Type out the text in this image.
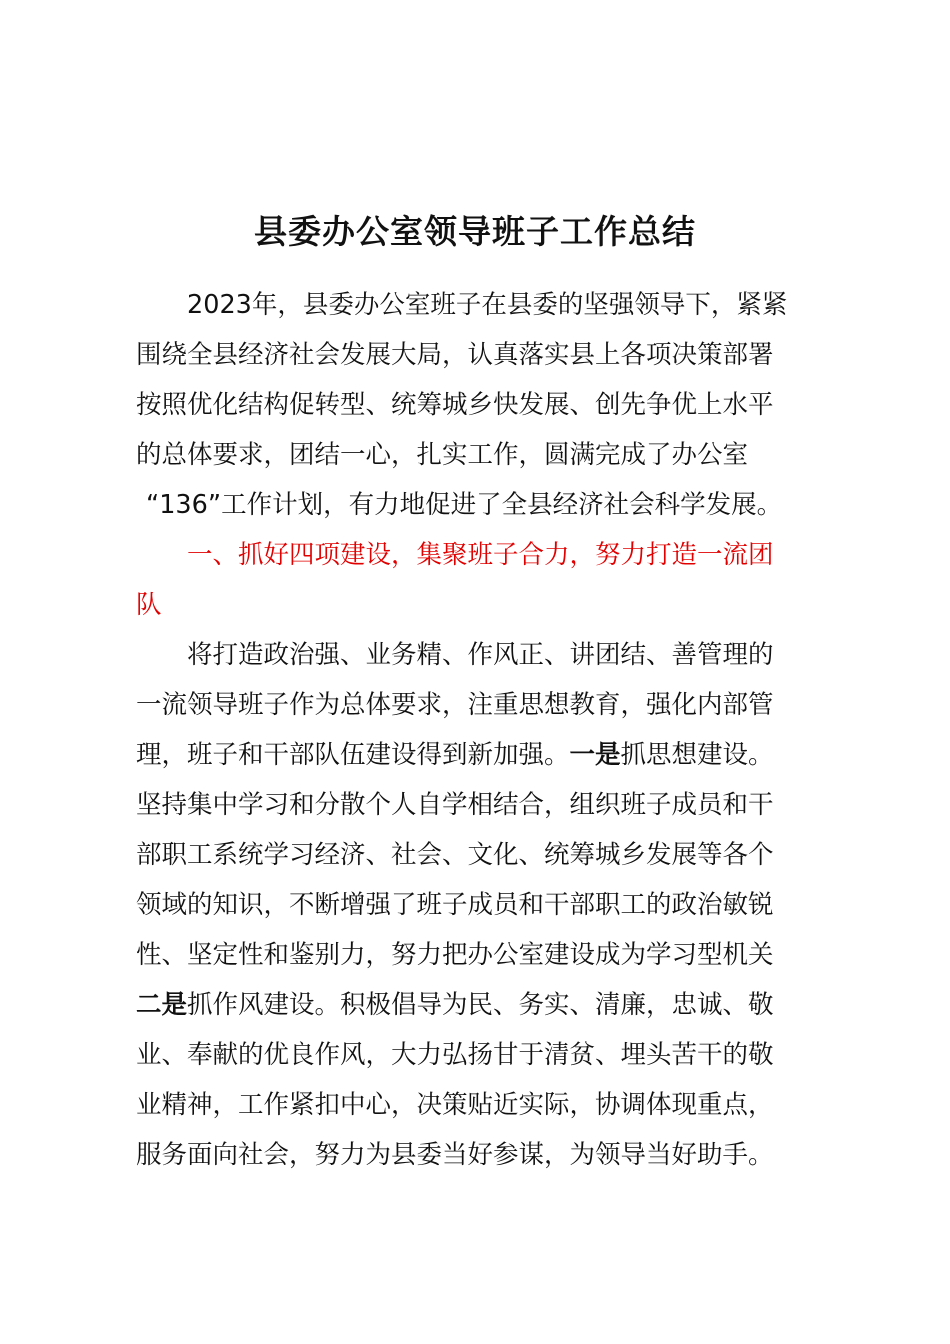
县委办公室领导班子工作总结
2023年，县委办公室班子在县委的坚强领导下，紧紧
围绕全县经济社会发展大局，认真落实县上各项决策部署
按照优化结构促转型、统筹城乡快发展、创先争优上水平
的总体要求，团结一心，扎实工作，圆满完成了办公室
“136”工作计划，有力地促进了全县经济社会科学发展。
一、抓好四项建设，集聚班子合力，努力打造一流团
队
将打造政治强、业务精、作风正、讲团结、善管理的
一流领导班子作为总体要求，注重思想教育，强化内部管
理，班子和干部队伍建设得到新加强。一是抓思想建设。
坚持集中学习和分散个人自学相结合，组织班子成员和干
部职工系统学习经济、社会、文化、统筹城乡发展等各个
领域的知识，不断增强了班子成员和干部职工的政治敏锐
性、坚定性和鉴别力，努力把办公室建设成为学习型机关
二是抓作风建设。积极倡导为民、务实、清廉，忠诚、敬
业、奉献的优良作风，大力弘扬甘于清贫、埋头苦干的敬
业精神，工作紧扣中心，决策贴近实际，协调体现重点，
服务面向社会，努力为县委当好参谋，为领导当好助手。
